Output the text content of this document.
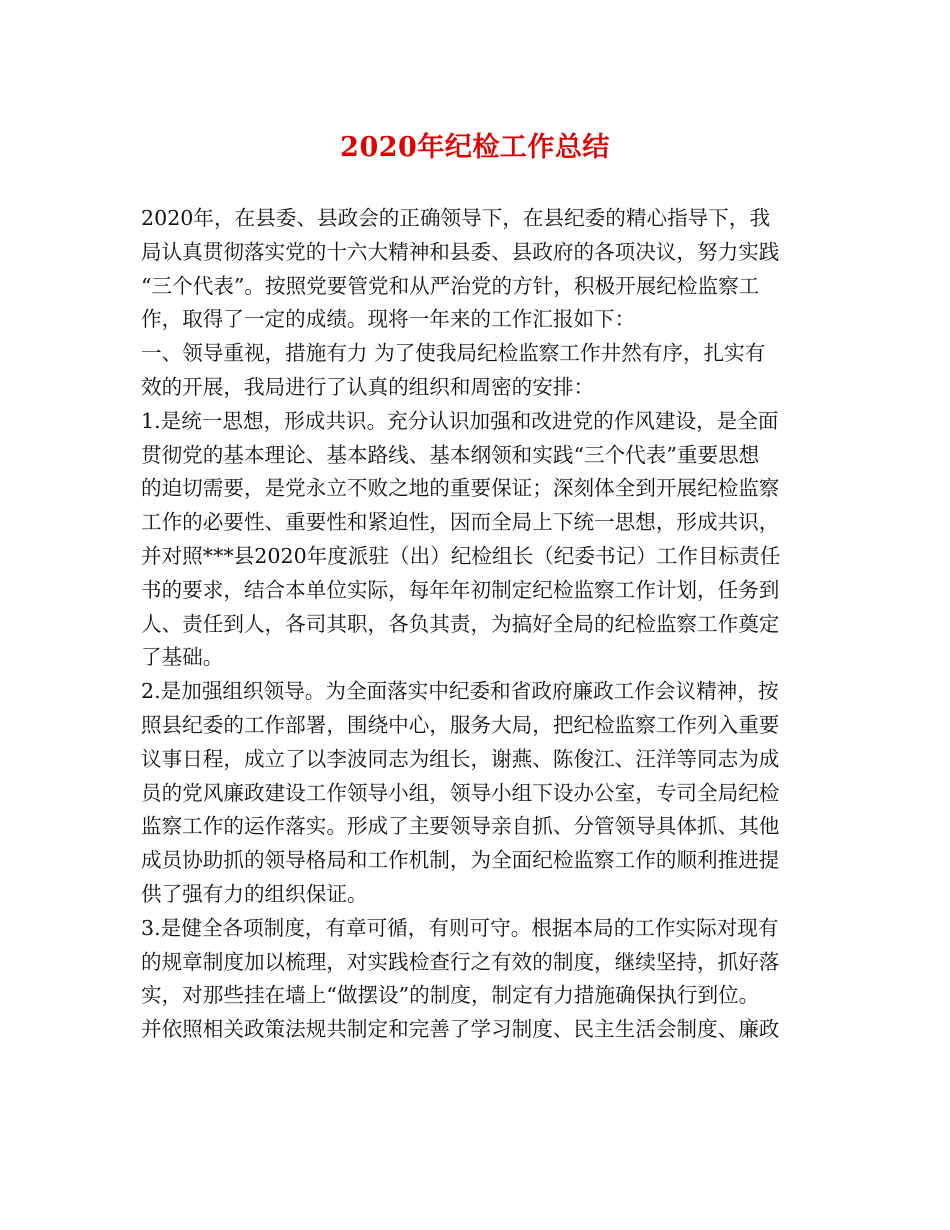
2020年纪检工作总结
2020年，在县委、县政会的正确领导下，在县纪委的精心指导下，我
局认真贯彻落实党的十六大精神和县委、县政府的各项决议，努力实践
“三个代表”。按照党要管党和从严治党的方针，积极开展纪检监察工
作，取得了一定的成绩。现将一年来的工作汇报如下：
一、领导重视，措施有力 为了使我局纪检监察工作井然有序，扎实有
效的开展，我局进行了认真的组织和周密的安排：
1.是统一思想，形成共识。充分认识加强和改进党的作风建设，是全面
贯彻党的基本理论、基本路线、基本纲领和实践“三个代表”重要思想
的迫切需要，是党永立不败之地的重要保证；深刻体全到开展纪检监察
工作的必要性、重要性和紧迫性，因而全局上下统一思想，形成共识，
并对照***县2020年度派驻（出）纪检组长（纪委书记）工作目标责任
书的要求，结合本单位实际，每年年初制定纪检监察工作计划，任务到
人、责任到人，各司其职，各负其责，为搞好全局的纪检监察工作奠定
了基础。
2.是加强组织领导。为全面落实中纪委和省政府廉政工作会议精神，按
照县纪委的工作部署，围绕中心，服务大局，把纪检监察工作列入重要
议事日程，成立了以李波同志为组长，谢燕、陈俊江、汪洋等同志为成
员的党风廉政建设工作领导小组，领导小组下设办公室，专司全局纪检
监察工作的运作落实。形成了主要领导亲自抓、分管领导具体抓、其他
成员协助抓的领导格局和工作机制，为全面纪检监察工作的顺利推进提
供了强有力的组织保证。
3.是健全各项制度，有章可循，有则可守。根据本局的工作实际对现有
的规章制度加以梳理，对实践检查行之有效的制度，继续坚持，抓好落
实，对那些挂在墙上“做摆设”的制度，制定有力措施确保执行到位。
并依照相关政策法规共制定和完善了学习制度、民主生活会制度、廉政
